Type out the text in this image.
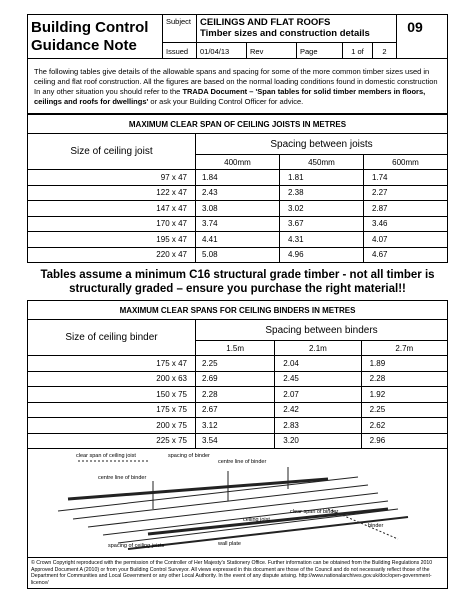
Building Control
Guidance Note
Subject CEILINGS AND FLAT ROOFS
Timber sizes and construction details	09
Issued	01/04/13	Rev	Page	1 of	2
The following tables give details of the allowable spans and spacing for some of the more common timber sizes used in ceiling and flat roof construction. All the figures are based on the normal loading conditions found in domestic construction In any other situation you should refer to the TRADA Document – 'Span tables for solid timber members in floors, ceilings and roofs for dwellings' or ask your Building Control Officer for advice.
MAXIMUM CLEAR SPAN OF CEILING JOISTS IN METRES			
Size of ceiling joist	Spacing between joists		
	400mm	450mm	600mm
97 x 47	1.84	1.81	1.74
122 x 47	2.43	2.38	2.27
147 x 47	3.08	3.02	2.87
170 x 47	3.74	3.67	3.46
195 x 47	4.41	4.31	4.07
220 x 47	5.08	4.96	4.67
Tables assume a minimum C16 structural grade timber - not all timber is
structurally graded – ensure you purchase the right material!!
MAXIMUM CLEAR SPANS FOR CEILING BINDERS IN METRES			
Size of ceiling binder	Spacing between binders		
	1.5m	2.1m	2.7m
175 x 47	2.25	2.04	1.89
200 x 63	2.69	2.45	2.28
150 x 75	2.28	2.07	1.92
175 x 75	2.67	2.42	2.25
200 x 75	3.12	2.83	2.62
225 x 75	3.54	3.20	2.96
clear span of ceiling joist	spacing of binder
centre line of binder
centre line of binder
clear span of binder
ceiling joist
spacing of ceiling joists	wall plate
binder
© Crown Copyright reproduced with the permission of the Controller of Her Majesty's Stationery Office. Further information can be obtained from the Building Regulations 2010 Approved Document A (2010) or from your Building Control Surveyor. All views expressed in this document are those of the Council and do not necessarily reflect those of the Department for Communities and Local Government or any other Local Authority. In the event of any dispute arising. http://www.nationalarchives.gov.uk/doc/open-government-licence/
